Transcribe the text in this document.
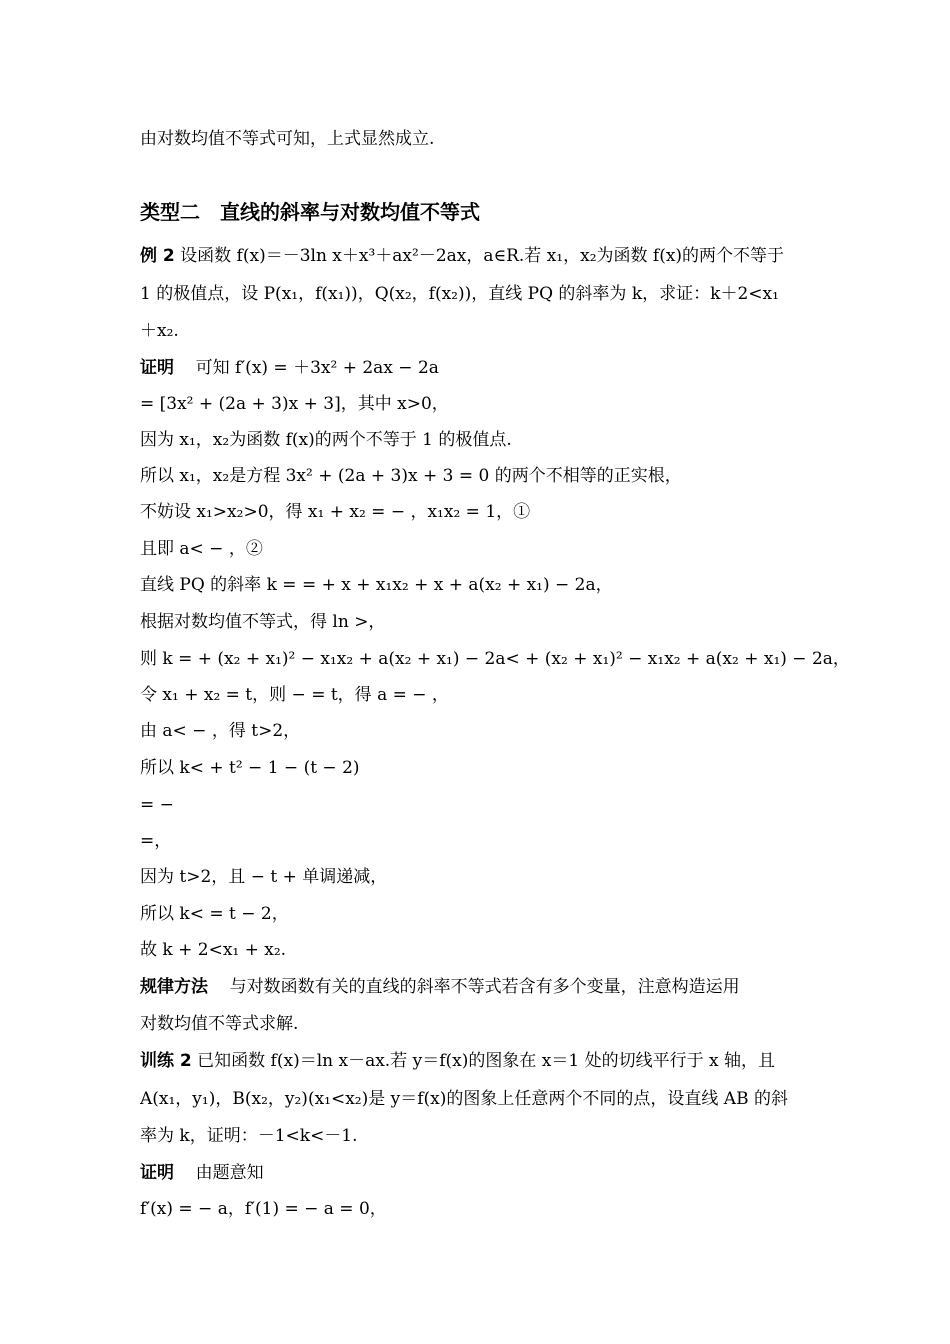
由对数均值不等式可知，上式显然成立.
类型二　直线的斜率与对数均值不等式
例 2 设函数 f(x)＝－3ln x＋x³＋ax²－2ax，a∈R.若 x₁，x₂为函数 f(x)的两个不等于
1 的极值点，设 P(x₁，f(x₁))，Q(x₂，f(x₂))，直线 PQ 的斜率为 k，求证：k＋2<x₁
＋x₂.
证明 可知 f′(x) = ＋3x² + 2ax − 2a
= [3x² + (2a + 3)x + 3]，其中 x>0，
因为 x₁，x₂为函数 f(x)的两个不等于 1 的极值点.
所以 x₁，x₂是方程 3x² + (2a + 3)x + 3 = 0 的两个不相等的正实根，
不妨设 x₁>x₂>0，得 x₁ + x₂ = − ，x₁x₂ = 1，①
且即 a< − ，②
直线 PQ 的斜率 k = = + x + x₁x₂ + x + a(x₂ + x₁) − 2a，
根据对数均值不等式，得 ln >，
则 k = + (x₂ + x₁)² − x₁x₂ + a(x₂ + x₁) − 2a< + (x₂ + x₁)² − x₁x₂ + a(x₂ + x₁) − 2a，
令 x₁ + x₂ = t，则 − = t，得 a = − ，
由 a< − ，得 t>2，
所以 k< + t² − 1 − (t − 2)
= −
=，
因为 t>2，且 − t + 单调递减，
所以 k< = t − 2，
故 k + 2<x₁ + x₂.
规律方法 与对数函数有关的直线的斜率不等式若含有多个变量，注意构造运用
对数均值不等式求解.
训练 2 已知函数 f(x)＝ln x－ax.若 y＝f(x)的图象在 x＝1 处的切线平行于 x 轴，且
A(x₁，y₁)，B(x₂，y₂)(x₁<x₂)是 y＝f(x)的图象上任意两个不同的点，设直线 AB 的斜
率为 k，证明：－1<k<－1.
证明 由题意知
f′(x) = − a，f′(1) = − a = 0，
